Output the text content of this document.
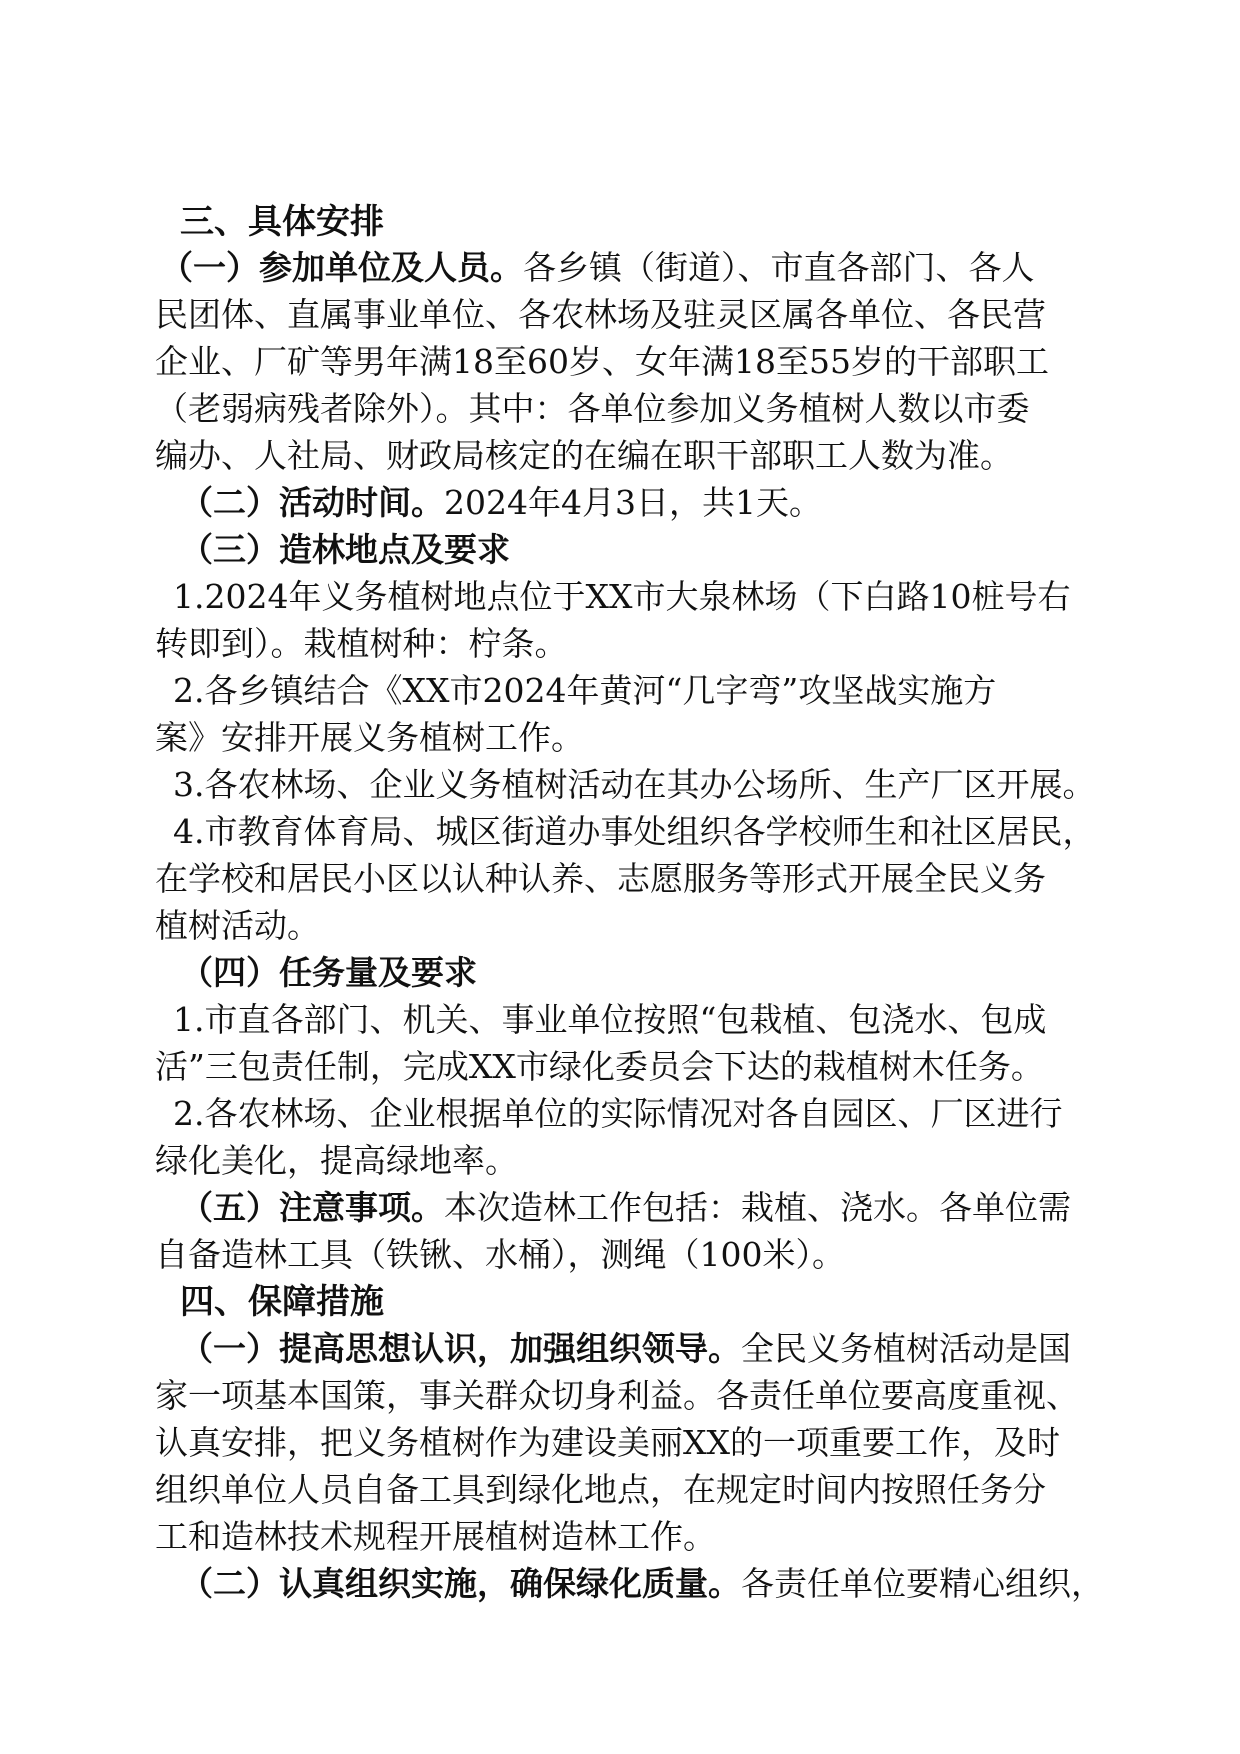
三、具体安排
（一）参加单位及人员。各乡镇（街道）、市直各部门、各人
民团体、直属事业单位、各农林场及驻灵区属各单位、各民营
企业、厂矿等男年满18至60岁、女年满18至55岁的干部职工
（老弱病残者除外）。其中：各单位参加义务植树人数以市委
编办、人社局、财政局核定的在编在职干部职工人数为准。
（二）活动时间。2024年4月3日，共1天。
（三）造林地点及要求
1.2024年义务植树地点位于XX市大泉林场（下白路10桩号右
转即到）。栽植树种：柠条。
2.各乡镇结合《XX市2024年黄河“几字弯”攻坚战实施方
案》安排开展义务植树工作。
3.各农林场、企业义务植树活动在其办公场所、生产厂区开展。
4.市教育体育局、城区街道办事处组织各学校师生和社区居民，
在学校和居民小区以认种认养、志愿服务等形式开展全民义务
植树活动。
（四）任务量及要求
1.市直各部门、机关、事业单位按照“包栽植、包浇水、包成
活”三包责任制，完成XX市绿化委员会下达的栽植树木任务。
2.各农林场、企业根据单位的实际情况对各自园区、厂区进行
绿化美化，提高绿地率。
（五）注意事项。本次造林工作包括：栽植、浇水。各单位需
自备造林工具（铁锹、水桶），测绳（100米）。
四、保障措施
（一）提高思想认识，加强组织领导。全民义务植树活动是国
家一项基本国策，事关群众切身利益。各责任单位要高度重视、
认真安排，把义务植树作为建设美丽XX的一项重要工作，及时
组织单位人员自备工具到绿化地点，在规定时间内按照任务分
工和造林技术规程开展植树造林工作。
（二）认真组织实施，确保绿化质量。各责任单位要精心组织，
